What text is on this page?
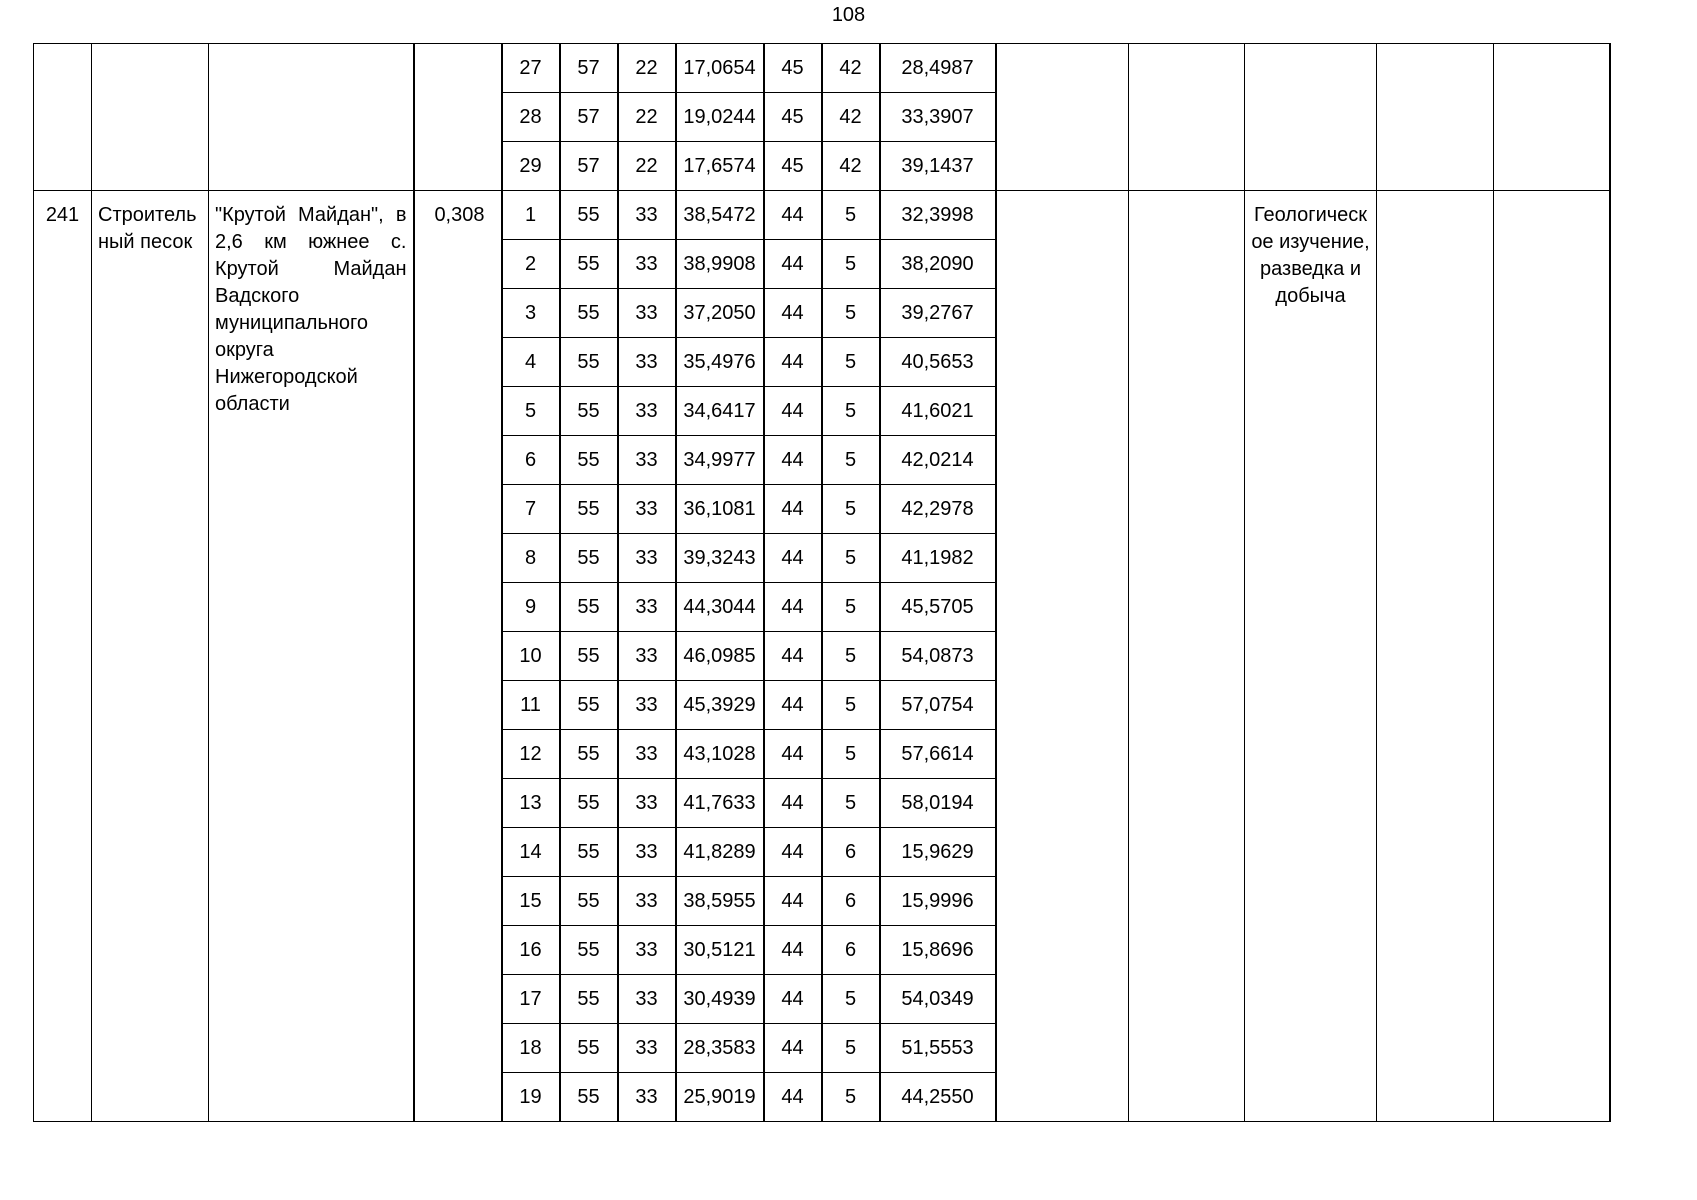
108
				27	57	22	17,0654	45	42	28,4987						
				28	57	22	19,0244	45	42	33,3907						
				29	57	22	17,6574	45	42	39,1437						
241	Строитель ный песок	"Крутой Майдан", в 2,6 км южнее с. Крутой Майдан Вадского муниципального округа Нижегородской области	0,308	1	55	33	38,5472	44	5	32,3998			Геологическ ое изучение, разведка и добыча			
				2	55	33	38,9908	44	5	38,2090						
				3	55	33	37,2050	44	5	39,2767						
				4	55	33	35,4976	44	5	40,5653						
				5	55	33	34,6417	44	5	41,6021						
				6	55	33	34,9977	44	5	42,0214						
				7	55	33	36,1081	44	5	42,2978						
				8	55	33	39,3243	44	5	41,1982						
				9	55	33	44,3044	44	5	45,5705						
				10	55	33	46,0985	44	5	54,0873						
				11	55	33	45,3929	44	5	57,0754						
				12	55	33	43,1028	44	5	57,6614						
				13	55	33	41,7633	44	5	58,0194						
				14	55	33	41,8289	44	6	15,9629						
				15	55	33	38,5955	44	6	15,9996						
				16	55	33	30,5121	44	6	15,8696						
				17	55	33	30,4939	44	5	54,0349						
				18	55	33	28,3583	44	5	51,5553						
				19	55	33	25,9019	44	5	44,2550						
